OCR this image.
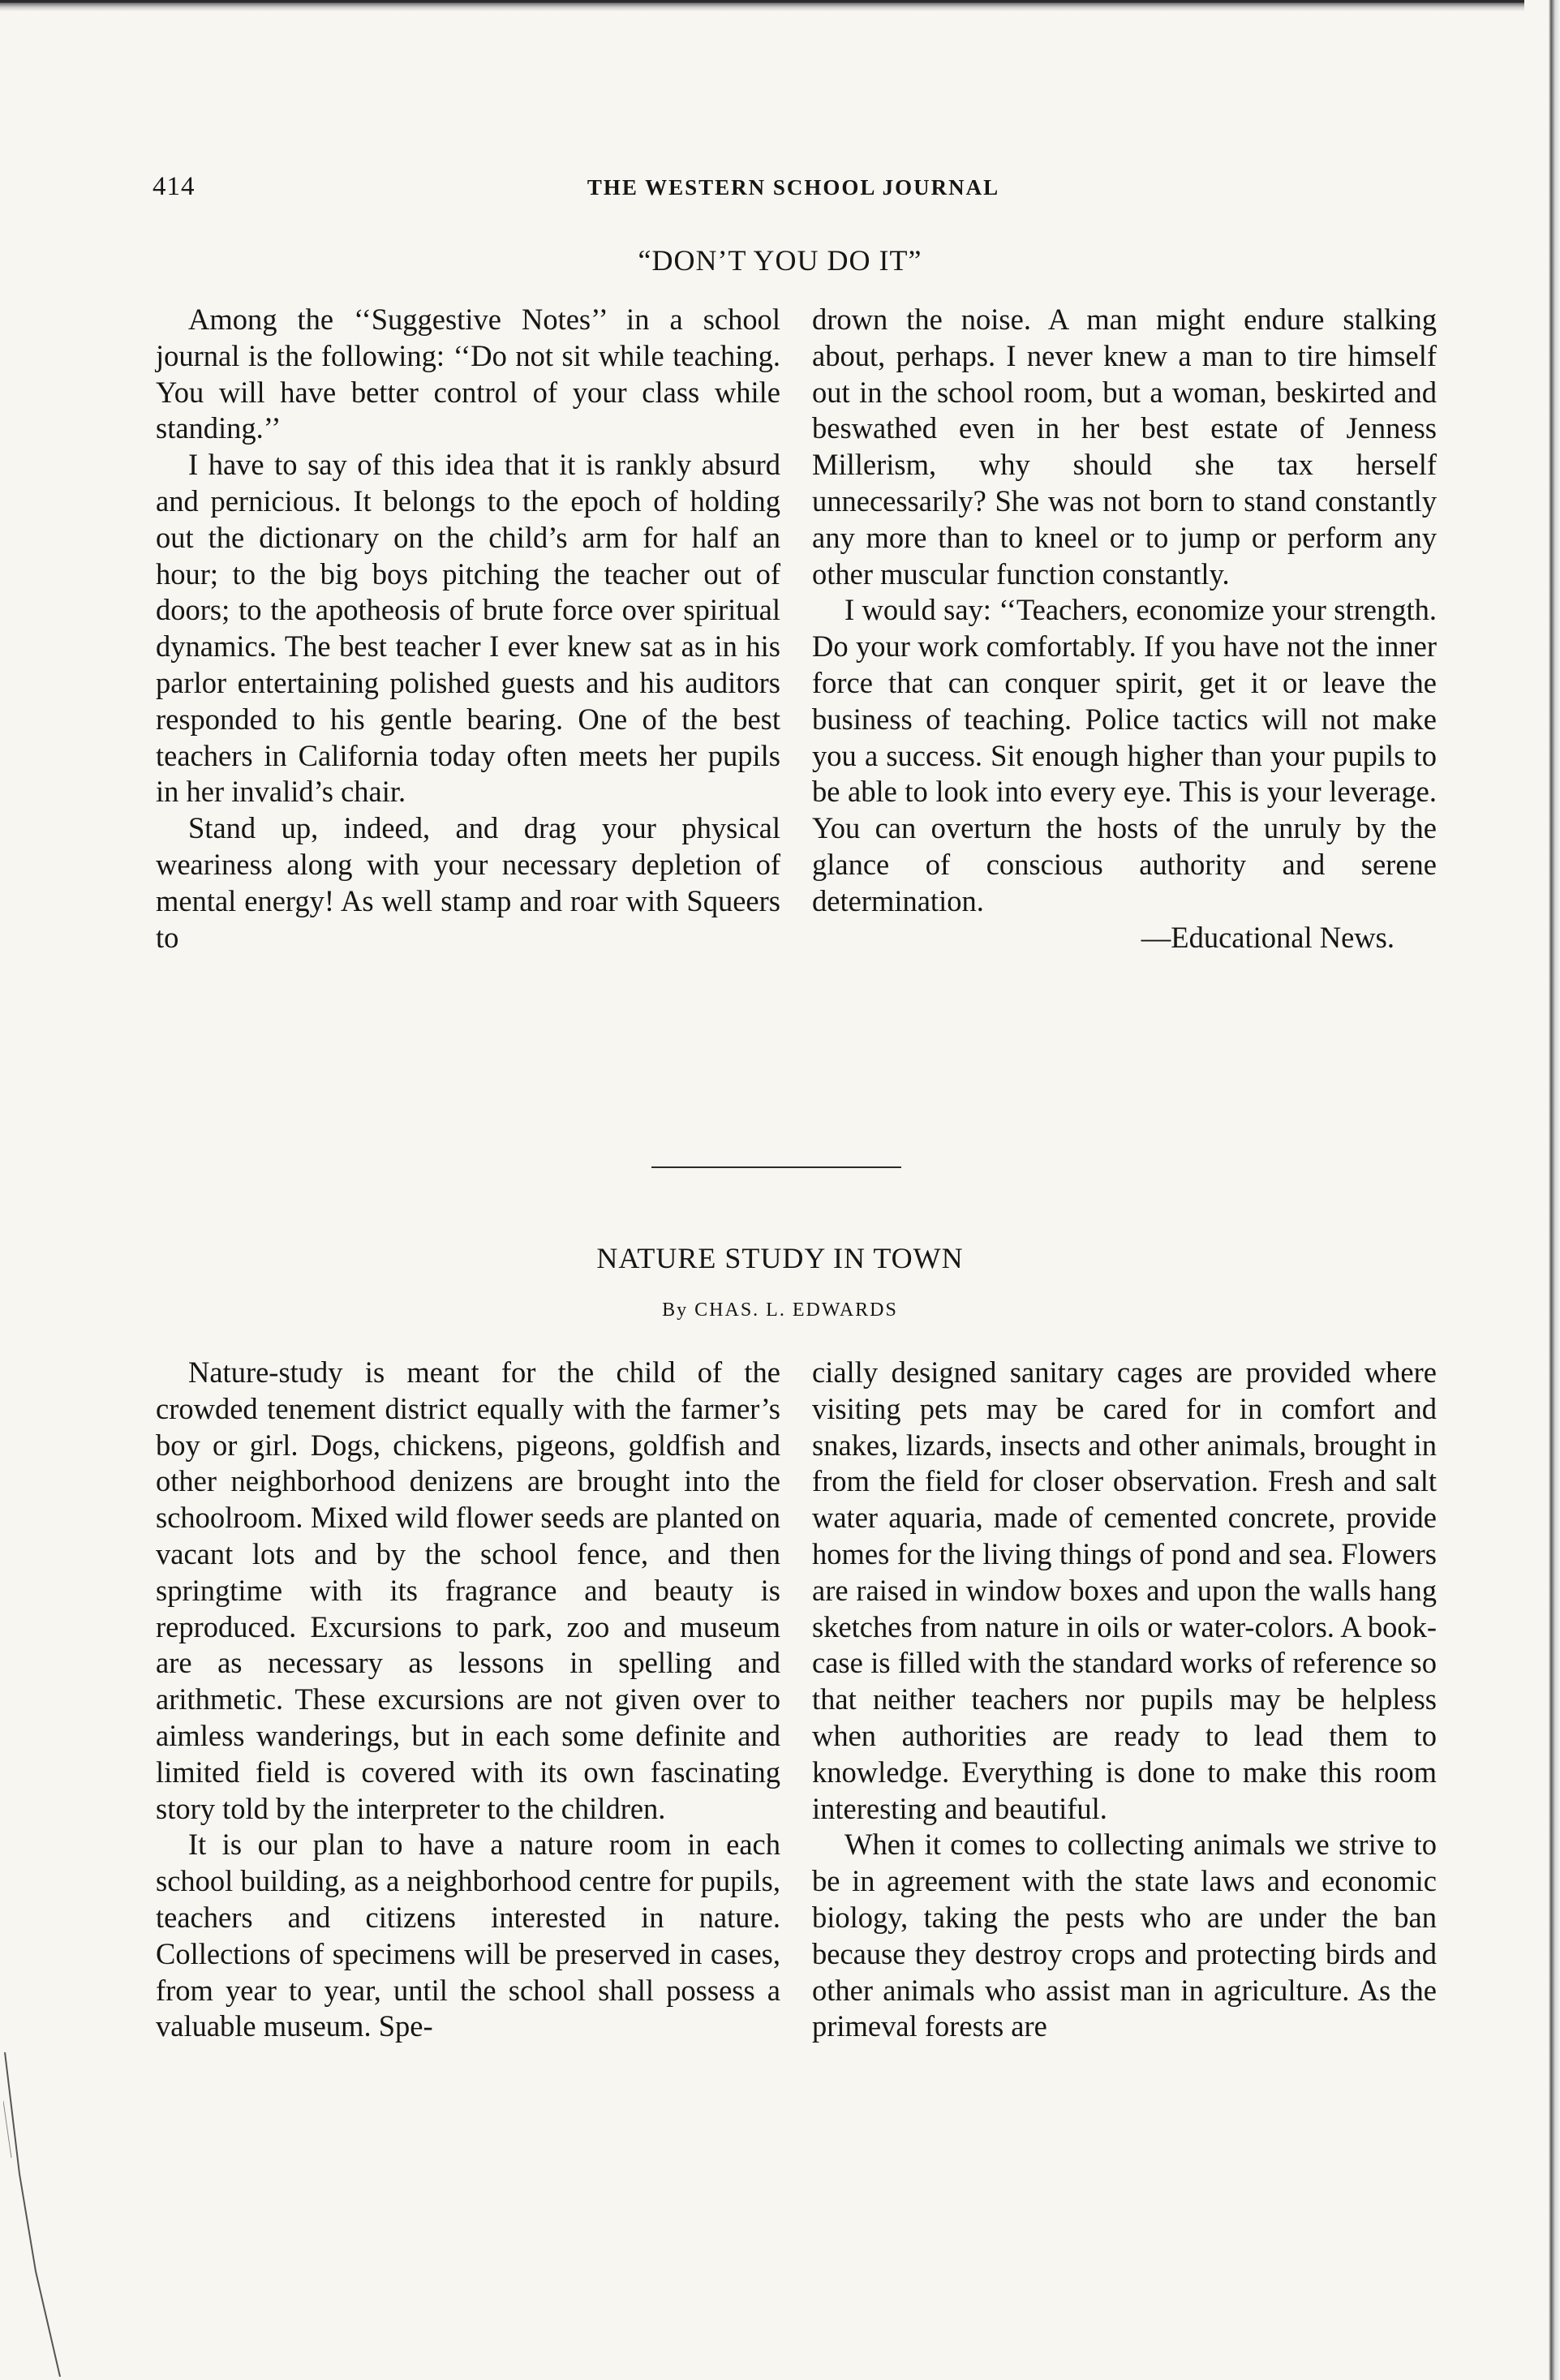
414	THE WESTERN SCHOOL JOURNAL
“DON’T YOU DO IT”

Among the ‘‘Suggestive Notes’’ in a school journal is the following: ‘‘Do not sit while teaching. You will have better control of your class while standing.’’

I have to say of this idea that it is rankly absurd and pernicious. It belongs to the epoch of holding out the dictionary on the child’s arm for half an hour; to the big boys pitching the teacher out of doors; to the apotheosis of brute force over spiritual dynamics. The best teacher I ever knew sat as in his parlor entertaining polished guests and his auditors responded to his gentle bearing. One of the best teachers in California today often meets her pupils in her invalid’s chair.

Stand up, indeed, and drag your physical weariness along with your necessary depletion of mental energy! As well stamp and roar with Squeers to

drown the noise. A man might endure stalking about, perhaps. I never knew a man to tire himself out in the school room, but a woman, beskirted and beswathed even in her best estate of Jenness Millerism, why should she tax herself unnecessarily? She was not born to stand constantly any more than to kneel or to jump or perform any other muscular function constantly.

I would say: ‘‘Teachers, economize your strength. Do your work comfortably. If you have not the inner force that can conquer spirit, get it or leave the business of teaching. Police tactics will not make you a success. Sit enough higher than your pupils to be able to look into every eye. This is your leverage. You can overturn the hosts of the unruly by the glance of conscious authority and serene determination.

—Educational News.

NATURE STUDY IN TOWN
By CHAS. L. EDWARDS

Nature-study is meant for the child of the crowded tenement district equally with the farmer’s boy or girl. Dogs, chickens, pigeons, goldfish and other neighborhood denizens are brought into the schoolroom. Mixed wild flower seeds are planted on vacant lots and by the school fence, and then springtime with its fragrance and beauty is reproduced. Excursions to park, zoo and museum are as necessary as lessons in spelling and arithmetic. These excursions are not given over to aimless wanderings, but in each some definite and limited field is covered with its own fascinating story told by the interpreter to the children.

It is our plan to have a nature room in each school building, as a neighborhood centre for pupils, teachers and citizens interested in nature. Collections of specimens will be preserved in cases, from year to year, until the school shall possess a valuable museum. Spe-

cially designed sanitary cages are provided where visiting pets may be cared for in comfort and snakes, lizards, insects and other animals, brought in from the field for closer observation. Fresh and salt water aquaria, made of cemented concrete, provide homes for the living things of pond and sea. Flowers are raised in window boxes and upon the walls hang sketches from nature in oils or water-colors. A book-case is filled with the standard works of reference so that neither teachers nor pupils may be helpless when authorities are ready to lead them to knowledge. Everything is done to make this room interesting and beautiful.

When it comes to collecting animals we strive to be in agreement with the state laws and economic biology, taking the pests who are under the ban because they destroy crops and protecting birds and other animals who assist man in agriculture. As the primeval forests are
